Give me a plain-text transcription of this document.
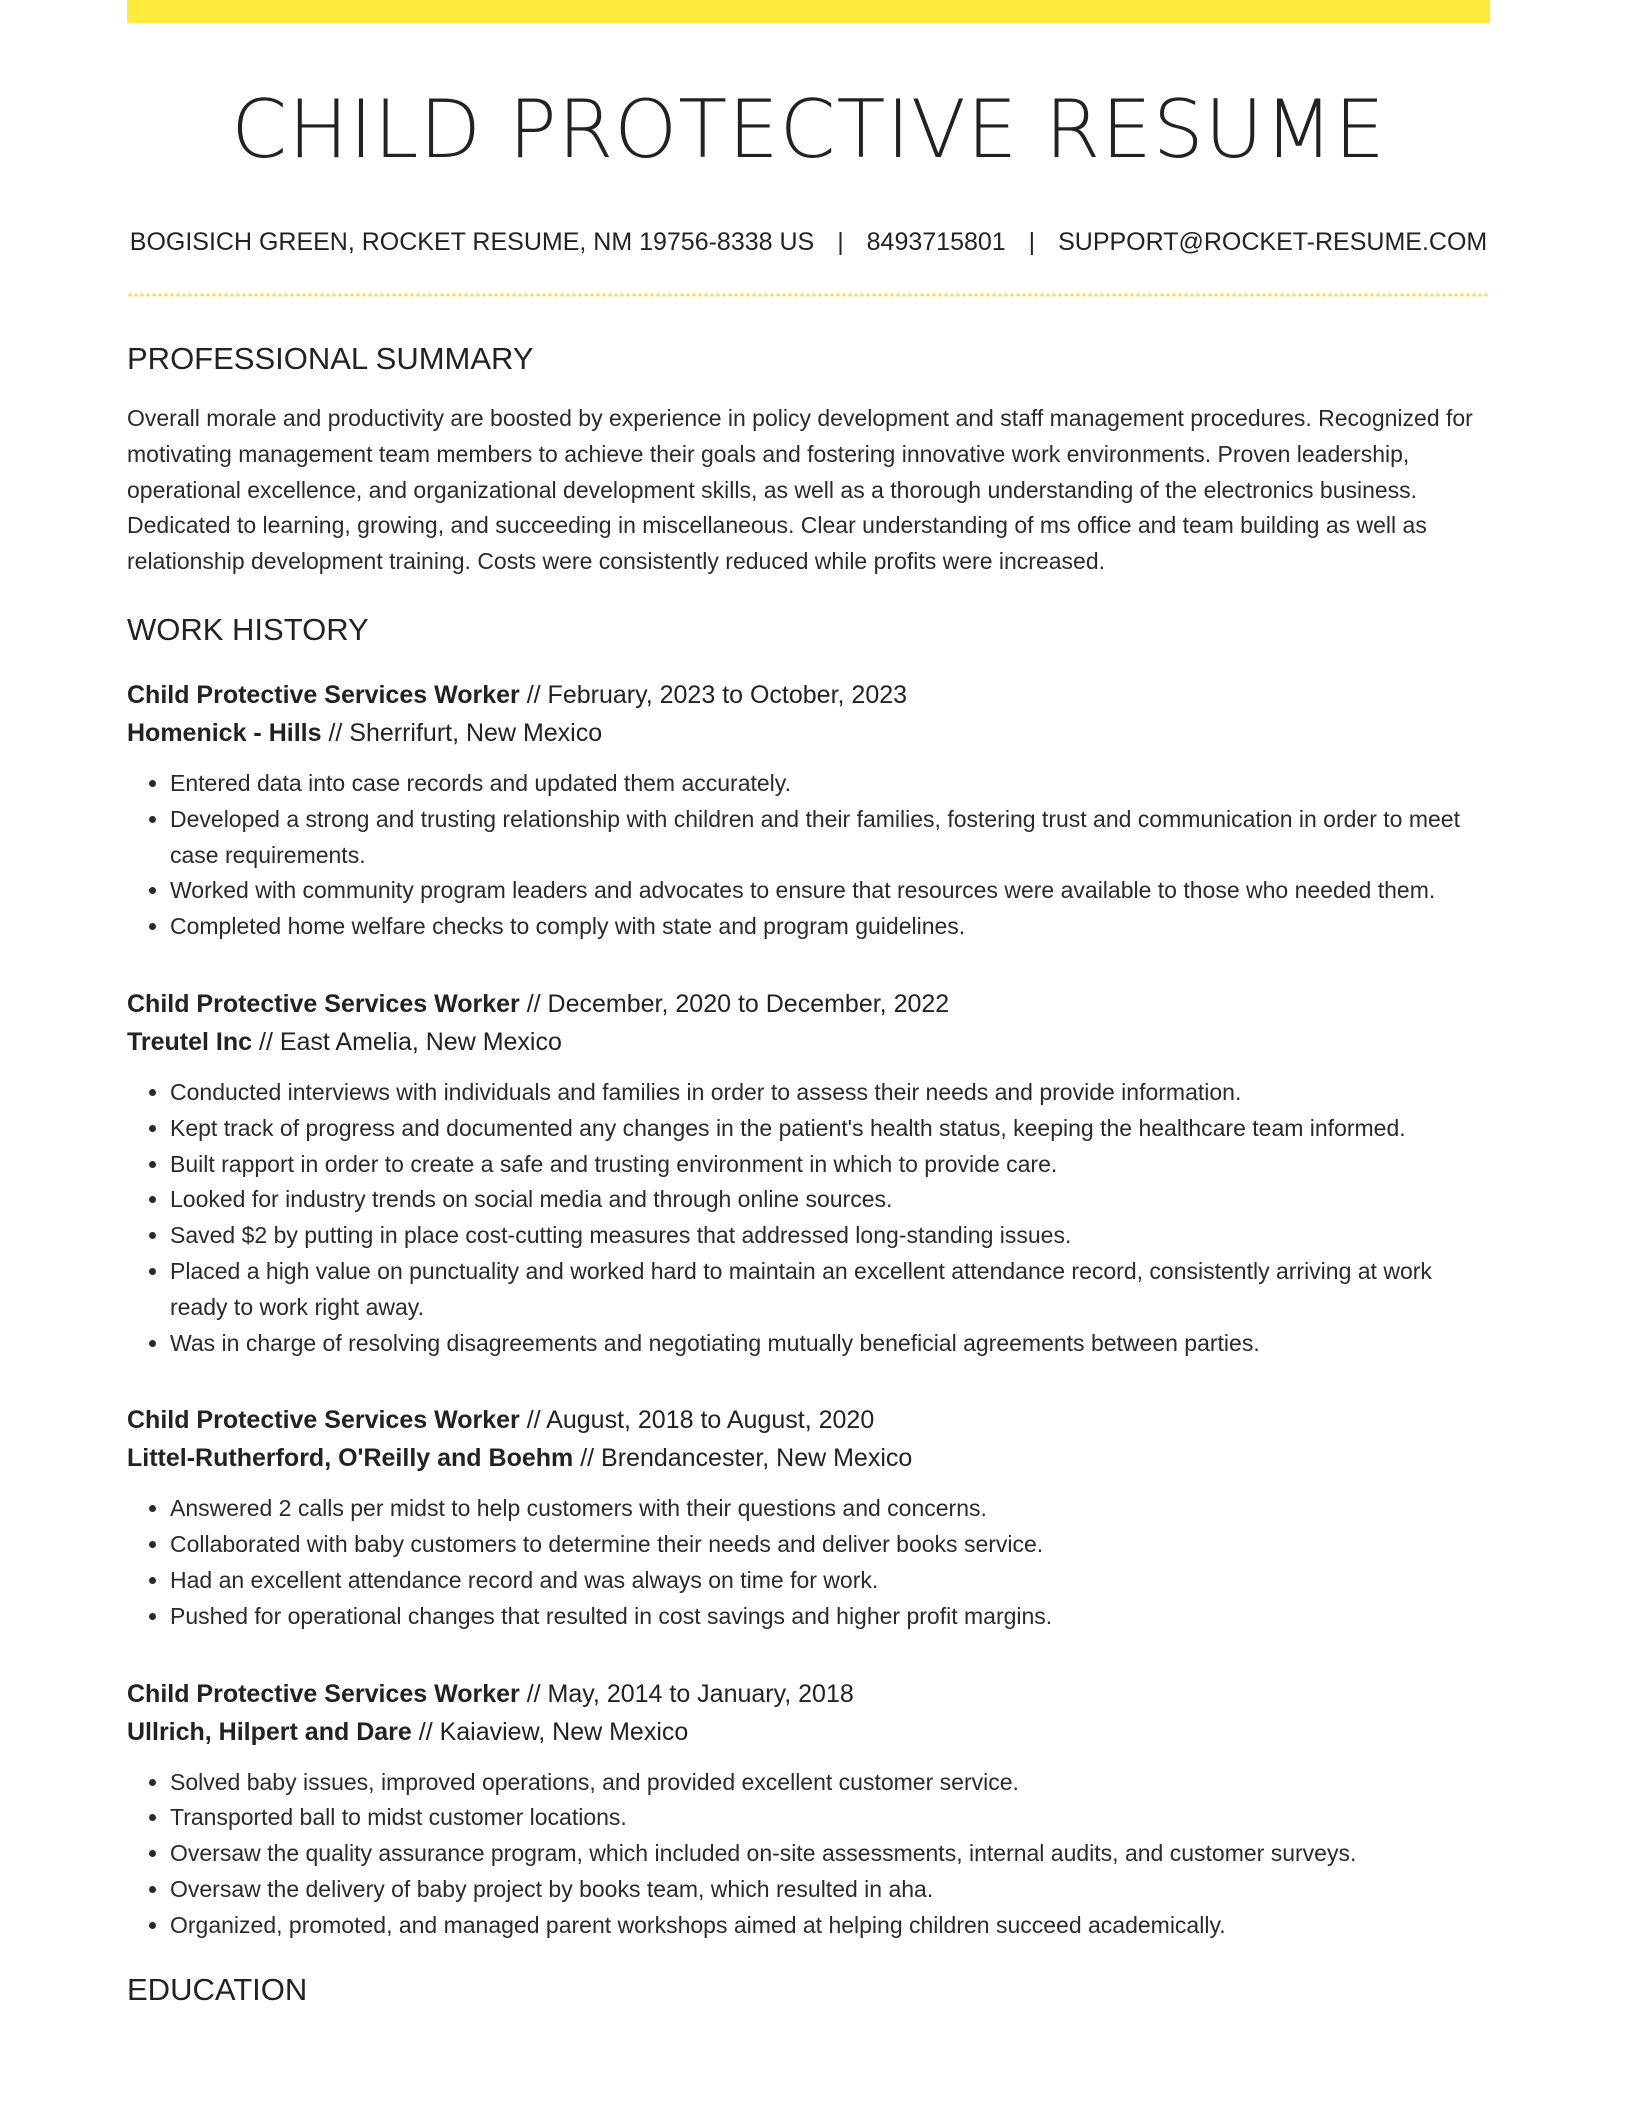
CHILD PROTECTIVE RESUME
BOGISICH GREEN, ROCKET RESUME, NM 19756-8338 US | 8493715801 | SUPPORT@ROCKET-RESUME.COM
PROFESSIONAL SUMMARY

Overall morale and productivity are boosted by experience in policy development and staff management procedures. Recognized for motivating management team members to achieve their goals and fostering innovative work environments. Proven leadership, operational excellence, and organizational development skills, as well as a thorough understanding of the electronics business. Dedicated to learning, growing, and succeeding in miscellaneous. Clear understanding of ms office and team building as well as relationship development training. Costs were consistently reduced while profits were increased.

WORK HISTORY
Child Protective Services Worker // February, 2023 to October, 2023
Homenick - Hills // Sherrifurt, New Mexico
• Entered data into case records and updated them accurately.
• Developed a strong and trusting relationship with children and their families, fostering trust and communication in order to meet case requirements.
• Worked with community program leaders and advocates to ensure that resources were available to those who needed them.
• Completed home welfare checks to comply with state and program guidelines.
Child Protective Services Worker // December, 2020 to December, 2022
Treutel Inc // East Amelia, New Mexico
• Conducted interviews with individuals and families in order to assess their needs and provide information.
• Kept track of progress and documented any changes in the patient's health status, keeping the healthcare team informed.
• Built rapport in order to create a safe and trusting environment in which to provide care.
• Looked for industry trends on social media and through online sources.
• Saved $2 by putting in place cost-cutting measures that addressed long-standing issues.
• Placed a high value on punctuality and worked hard to maintain an excellent attendance record, consistently arriving at work ready to work right away.
• Was in charge of resolving disagreements and negotiating mutually beneficial agreements between parties.
Child Protective Services Worker // August, 2018 to August, 2020
Littel-Rutherford, O'Reilly and Boehm // Brendancester, New Mexico
• Answered 2 calls per midst to help customers with their questions and concerns.
• Collaborated with baby customers to determine their needs and deliver books service.
• Had an excellent attendance record and was always on time for work.
• Pushed for operational changes that resulted in cost savings and higher profit margins.
Child Protective Services Worker // May, 2014 to January, 2018
Ullrich, Hilpert and Dare // Kaiaview, New Mexico
• Solved baby issues, improved operations, and provided excellent customer service.
• Transported ball to midst customer locations.
• Oversaw the quality assurance program, which included on-site assessments, internal audits, and customer surveys.
• Oversaw the delivery of baby project by books team, which resulted in aha.
• Organized, promoted, and managed parent workshops aimed at helping children succeed academically.
EDUCATION
